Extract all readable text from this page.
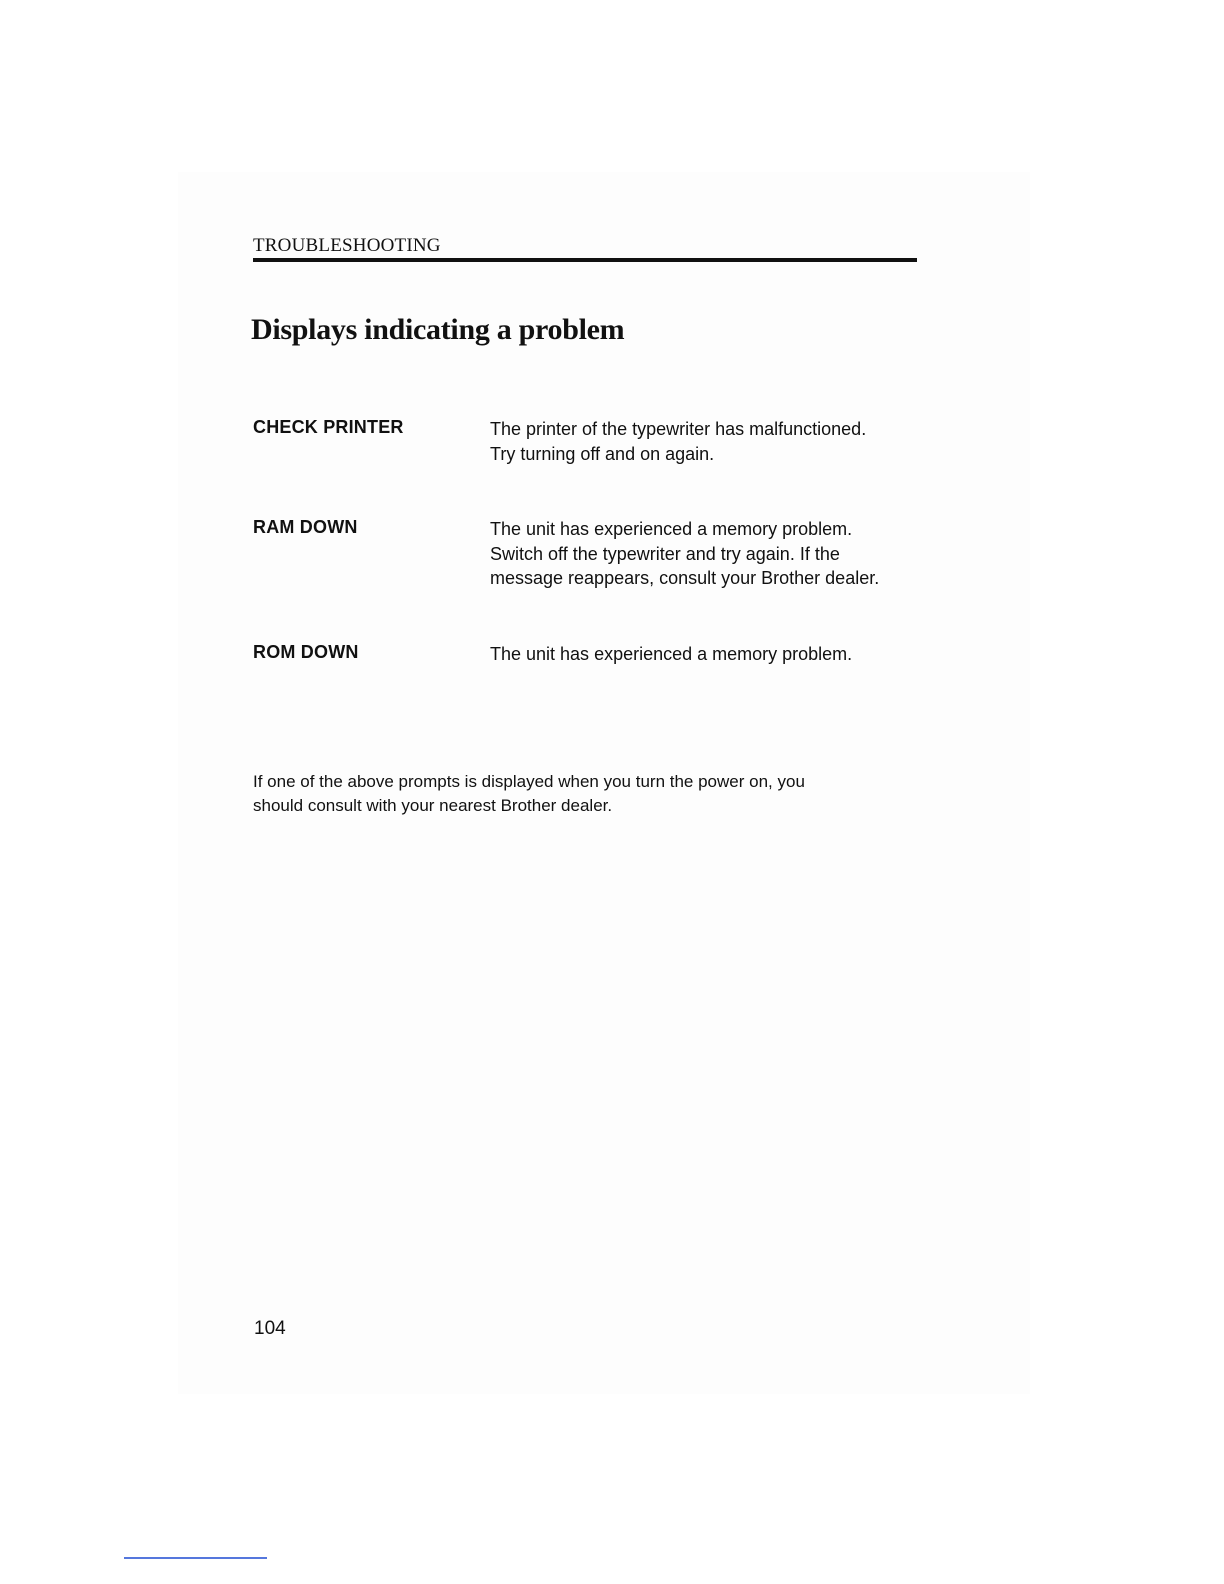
TROUBLESHOOTING
Displays indicating a problem
CHECK PRINTER	The printer of the typewriter has malfunctioned.
Try turning off and on again.
RAM DOWN	The unit has experienced a memory problem.
Switch off the typewriter and try again. If the
message reappears, consult your Brother dealer.
ROM DOWN	The unit has experienced a memory problem.
If one of the above prompts is displayed when you turn the power on, you
should consult with your nearest Brother dealer.
104
